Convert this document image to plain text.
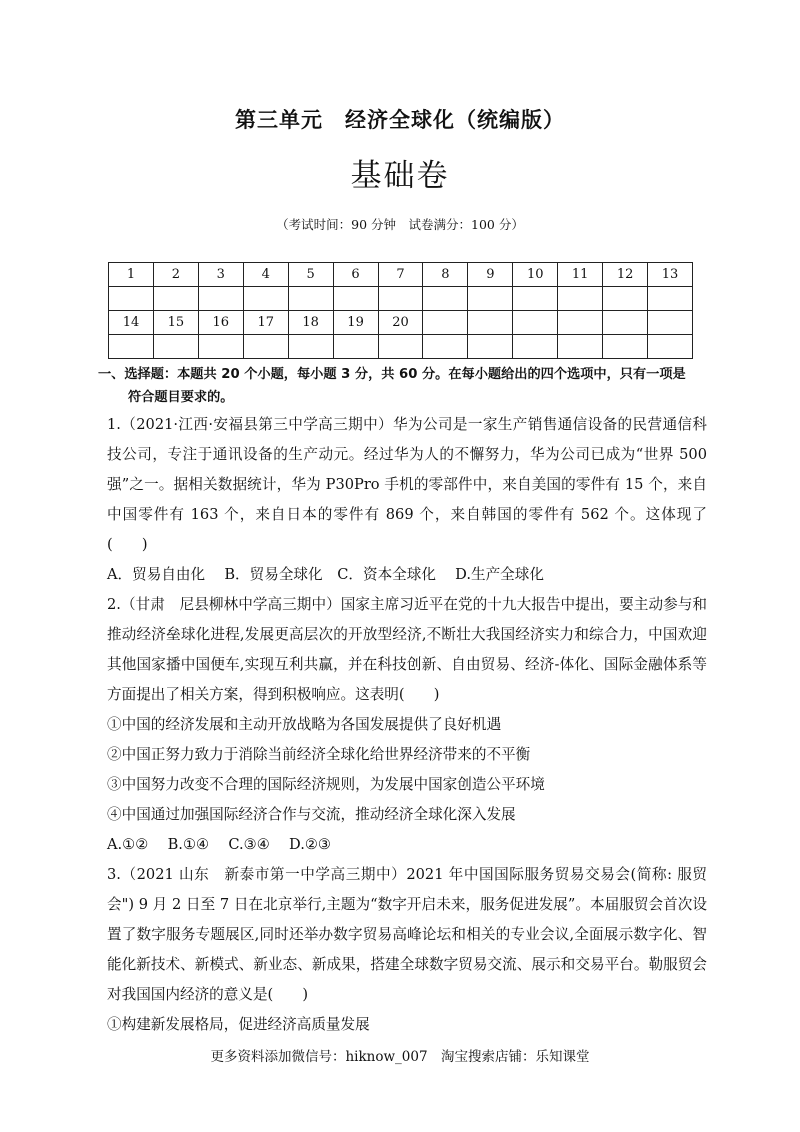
第三单元　经济全球化（统编版）
基础卷
（考试时间：90 分钟　试卷满分：100 分）
1	2	3	4	5	6	7	8	9	10	11	12	13

14	15	16	17	18	19	20						

一、选择题：本题共 20 个小题，每小题 3 分，共 60 分。在每小题给出的四个选项中，只有一项是

符合题目要求的。

1.（2021·江西·安福县第三中学高三期中）华为公司是一家生产销售通信设备的民营通信科技公司，专注于通讯设备的生产动元。经过华为人的不懈努力，华为公司已成为“世界 500 强”之一。据相关数据统计，华为 P30Pro 手机的零部件中，来自美国的零件有 15 个，来自中国零件有 163 个，来自日本的零件有 869 个，来自韩国的零件有 562 个。这体现了(　　)

A．贸易自由化　 B．贸易全球化　C．资本全球化　 D.生产全球化

2.（甘肃　尼县柳林中学高三期中）国家主席习近平在党的十九大报告中提出，要主动参与和推动经济垒球化进程,发展更高层次的开放型经济,不断壮大我国经济实力和综合力，中国欢迎其他国家播中国便车,实现互利共赢，并在科技创新、自由贸易、经济-体化、国际金融体系等方面提出了相关方案，得到积极响应。这表明(　　)

①中国的经济发展和主动开放战略为各国发展提供了良好机遇

②中国正努力致力于消除当前经济全球化给世界经济带来的不平衡

③中国努力改变不合理的国际经济规则，为发展中国家创造公平环境

④中国通过加强国际经济合作与交流，推动经济全球化深入发展

A.①②　 B.①④　 C.③④　 D.②③

3.（2021 山东　新泰市第一中学高三期中）2021 年中国国际服务贸易交易会(简称: 服贸会") 9 月 2 日至 7 日在北京举行,主题为“数字开启未来，服务促进发展”。本届服贸会首次设置了数字服务专题展区,同时还举办数字贸易高峰论坛和相关的专业会议,全面展示数字化、智能化新技术、新模式、新业态、新成果，搭建全球数字贸易交流、展示和交易平台。勒服贸会对我国国内经济的意义是(　　)

①构建新发展格局，促进经济高质量发展

更多资料添加微信号：hiknow_007　淘宝搜索店铺：乐知课堂
